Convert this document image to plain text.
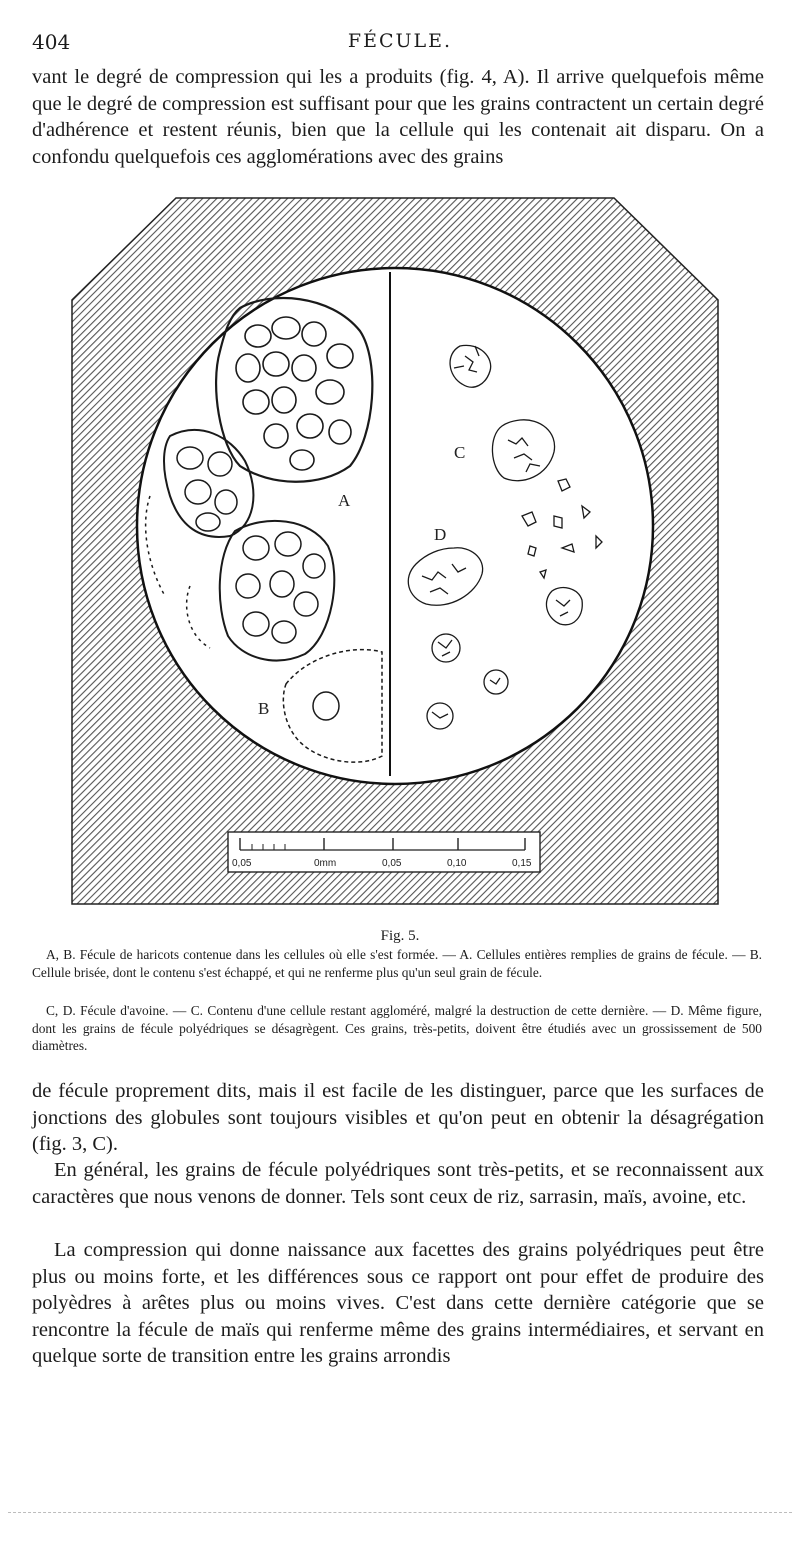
404	FÉCULE.

vant le degré de compression qui les a produits (fig. 4, A). Il arrive quelquefois même que le degré de compression est suffisant pour que les grains contractent un certain degré d'adhérence et restent réunis, bien que la cellule qui les contenait ait disparu. On a confondu quelquefois ces agglomérations avec des grains

A
B
C
D
0,05	0mm	0,05	0,10	0,15
Fig. 5.

A, B. Fécule de haricots contenue dans les cellules où elle s'est formée. — A. Cellules entières remplies de grains de fécule. — B. Cellule brisée, dont le contenu s'est échappé, et qui ne renferme plus qu'un seul grain de fécule.

C, D. Fécule d'avoine. — C. Contenu d'une cellule restant aggloméré, malgré la destruction de cette dernière. — D. Même figure, dont les grains de fécule polyédriques se désagrègent. Ces grains, très-petits, doivent être étudiés avec un grossissement de 500 diamètres.

de fécule proprement dits, mais il est facile de les distinguer, parce que les surfaces de jonctions des globules sont toujours visibles et qu'on peut en obtenir la désagrégation (fig. 3, C).

En général, les grains de fécule polyédriques sont très-petits, et se reconnaissent aux caractères que nous venons de donner. Tels sont ceux de riz, sarrasin, maïs, avoine, etc.

La compression qui donne naissance aux facettes des grains polyédriques peut être plus ou moins forte, et les différences sous ce rapport ont pour effet de produire des polyèdres à arêtes plus ou moins vives. C'est dans cette dernière catégorie que se rencontre la fécule de maïs qui renferme même des grains intermédiaires, et servant en quelque sorte de transition entre les grains arrondis
